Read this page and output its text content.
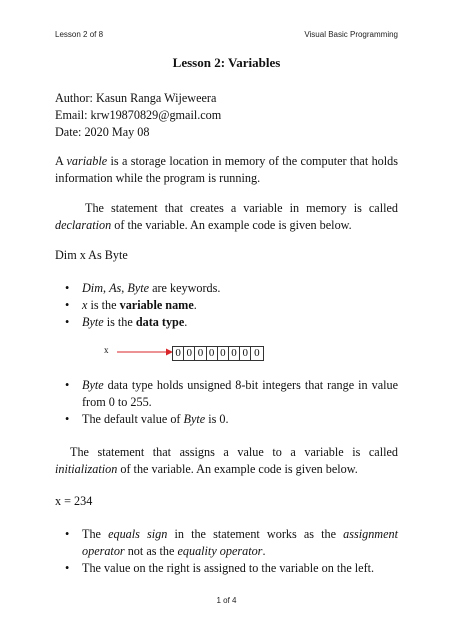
Lesson 2 of 8	Visual Basic Programming
Lesson 2: Variables
Author: Kasun Ranga Wijeweera
Email: krw19870829@gmail.com
Date: 2020 May 08
A variable is a storage location in memory of the computer that holds
information while the program is running.
The statement that creates a variable in memory is called
declaration of the variable. An example code is given below.
Dim x As Byte
•	Dim, As, Byte are keywords.
•	x is the variable name.
•	Byte is the data type.
x	0 0 0 0 0 0 0 0
•	Byte data type holds unsigned 8-bit integers that range in value
from 0 to 255.
•	The default value of Byte is 0.
The statement that assigns a value to a variable is called
initialization of the variable. An example code is given below.
x = 234
•	The equals sign in the statement works as the assignment
operator not as the equality operator.
•	The value on the right is assigned to the variable on the left.
1 of 4
